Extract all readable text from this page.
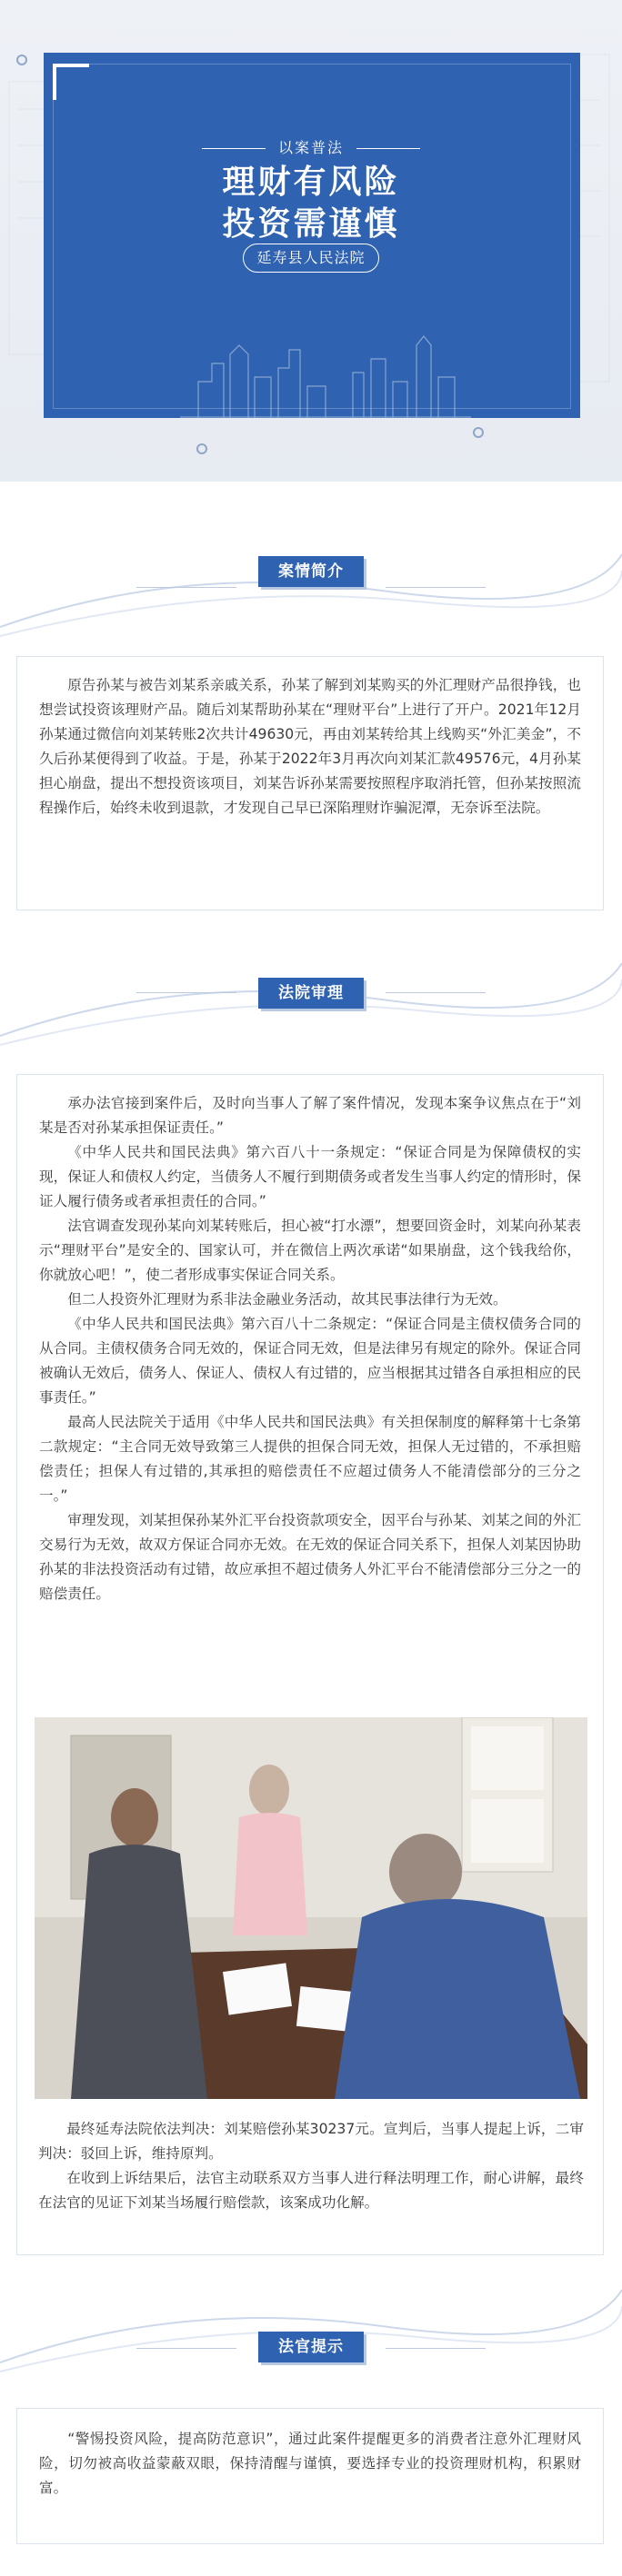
以案普法
理财有风险
投资需谨慎
延寿县人民法院
案情简介

原告孙某与被告刘某系亲戚关系，孙某了解到刘某购买的外汇理财产品很挣钱，也想尝试投资该理财产品。随后刘某帮助孙某在“理财平台”上进行了开户。2021年12月孙某通过微信向刘某转账2次共计49630元，再由刘某转给其上线购买“外汇美金”，不久后孙某便得到了收益。于是，孙某于2022年3月再次向刘某汇款49576元，4月孙某担心崩盘，提出不想投资该项目，刘某告诉孙某需要按照程序取消托管，但孙某按照流程操作后，始终未收到退款，才发现自己早已深陷理财诈骗泥潭，无奈诉至法院。

法院审理

承办法官接到案件后，及时向当事人了解了案件情况，发现本案争议焦点在于“刘某是否对孙某承担保证责任。”

《中华人民共和国民法典》第六百八十一条规定：“保证合同是为保障债权的实现，保证人和债权人约定，当债务人不履行到期债务或者发生当事人约定的情形时，保证人履行债务或者承担责任的合同。”

法官调查发现孙某向刘某转账后，担心被“打水漂”，想要回资金时，刘某向孙某表示“理财平台”是安全的、国家认可，并在微信上两次承诺“如果崩盘，这个钱我给你，你就放心吧！”，使二者形成事实保证合同关系。

但二人投资外汇理财为系非法金融业务活动，故其民事法律行为无效。

《中华人民共和国民法典》第六百八十二条规定：“保证合同是主债权债务合同的从合同。主债权债务合同无效的，保证合同无效，但是法律另有规定的除外。保证合同被确认无效后，债务人、保证人、债权人有过错的，应当根据其过错各自承担相应的民事责任。”

最高人民法院关于适用《中华人民共和国民法典》有关担保制度的解释第十七条第二款规定：“主合同无效导致第三人提供的担保合同无效，担保人无过错的，不承担赔偿责任；担保人有过错的,其承担的赔偿责任不应超过债务人不能清偿部分的三分之一。”

审理发现，刘某担保孙某外汇平台投资款项安全，因平台与孙某、刘某之间的外汇交易行为无效，故双方保证合同亦无效。在无效的保证合同关系下，担保人刘某因协助孙某的非法投资活动有过错，故应承担不超过债务人外汇平台不能清偿部分三分之一的赔偿责任。

最终延寿法院依法判决：刘某赔偿孙某30237元。宣判后，当事人提起上诉，二审判决：驳回上诉，维持原判。

在收到上诉结果后，法官主动联系双方当事人进行释法明理工作，耐心讲解，最终在法官的见证下刘某当场履行赔偿款，该案成功化解。

法官提示

“警惕投资风险，提高防范意识”，通过此案件提醒更多的消费者注意外汇理财风险，切勿被高收益蒙蔽双眼，保持清醒与谨慎，要选择专业的投资理财机构，积累财富。
